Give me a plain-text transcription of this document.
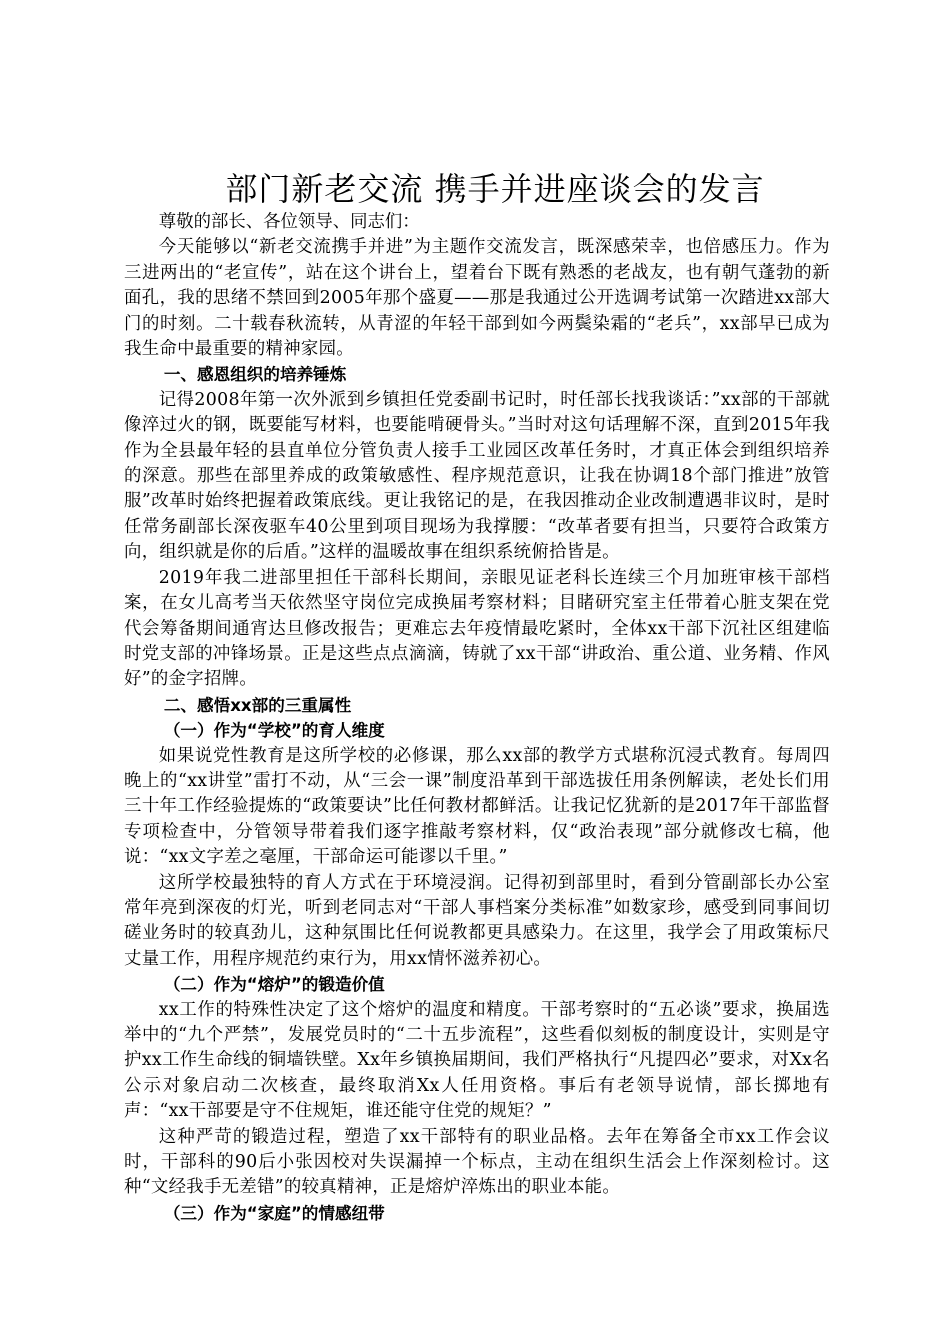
部门新老交流 携手并进座谈会的发言

尊敬的部长、各位领导、同志们：

今天能够以“新老交流携手并进”为主题作交流发言，既深感荣幸，也倍感压力。作为三进两出的“老宣传”，站在这个讲台上，望着台下既有熟悉的老战友，也有朝气蓬勃的新面孔，我的思绪不禁回到2005年那个盛夏——那是我通过公开选调考试第一次踏进xx部大门的时刻。二十载春秋流转，从青涩的年轻干部到如今两鬓染霜的“老兵”，xx部早已成为我生命中最重要的精神家园。

一、感恩组织的培养锤炼

记得2008年第一次外派到乡镇担任党委副书记时，时任部长找我谈话：”xx部的干部就像淬过火的钢，既要能写材料，也要能啃硬骨头。”当时对这句话理解不深，直到2015年我作为全县最年轻的县直单位分管负责人接手工业园区改革任务时，才真正体会到组织培养的深意。那些在部里养成的政策敏感性、程序规范意识，让我在协调18个部门推进”放管服”改革时始终把握着政策底线。更让我铭记的是，在我因推动企业改制遭遇非议时，是时任常务副部长深夜驱车40公里到项目现场为我撑腰：“改革者要有担当，只要符合政策方向，组织就是你的后盾。”这样的温暖故事在组织系统俯拾皆是。

2019年我二进部里担任干部科长期间，亲眼见证老科长连续三个月加班审核干部档案，在女儿高考当天依然坚守岗位完成换届考察材料；目睹研究室主任带着心脏支架在党代会筹备期间通宵达旦修改报告；更难忘去年疫情最吃紧时，全体xx干部下沉社区组建临时党支部的冲锋场景。正是这些点点滴滴，铸就了xx干部“讲政治、重公道、业务精、作风好”的金字招牌。

二、感悟xx部的三重属性

（一）作为“学校”的育人维度

如果说党性教育是这所学校的必修课，那么xx部的教学方式堪称沉浸式教育。每周四晚上的“xx讲堂”雷打不动，从“三会一课”制度沿革到干部选拔任用条例解读，老处长们用三十年工作经验提炼的“政策要诀”比任何教材都鲜活。让我记忆犹新的是2017年干部监督专项检查中，分管领导带着我们逐字推敲考察材料，仅“政治表现”部分就修改七稿，他说：“xx文字差之毫厘，干部命运可能谬以千里。”

这所学校最独特的育人方式在于环境浸润。记得初到部里时，看到分管副部长办公室常年亮到深夜的灯光，听到老同志对“干部人事档案分类标准”如数家珍，感受到同事间切磋业务时的较真劲儿，这种氛围比任何说教都更具感染力。在这里，我学会了用政策标尺丈量工作，用程序规范约束行为，用xx情怀滋养初心。

（二）作为“熔炉”的锻造价值

xx工作的特殊性决定了这个熔炉的温度和精度。干部考察时的“五必谈”要求，换届选举中的“九个严禁”，发展党员时的“二十五步流程”，这些看似刻板的制度设计，实则是守护xx工作生命线的铜墙铁壁。Xx年乡镇换届期间，我们严格执行“凡提四必”要求，对Xx名公示对象启动二次核查，最终取消Xx人任用资格。事后有老领导说情，部长掷地有声：“xx干部要是守不住规矩，谁还能守住党的规矩？”

这种严苛的锻造过程，塑造了xx干部特有的职业品格。去年在筹备全市xx工作会议时，干部科的90后小张因校对失误漏掉一个标点，主动在组织生活会上作深刻检讨。这种“文经我手无差错”的较真精神，正是熔炉淬炼出的职业本能。

（三）作为“家庭”的情感纽带
